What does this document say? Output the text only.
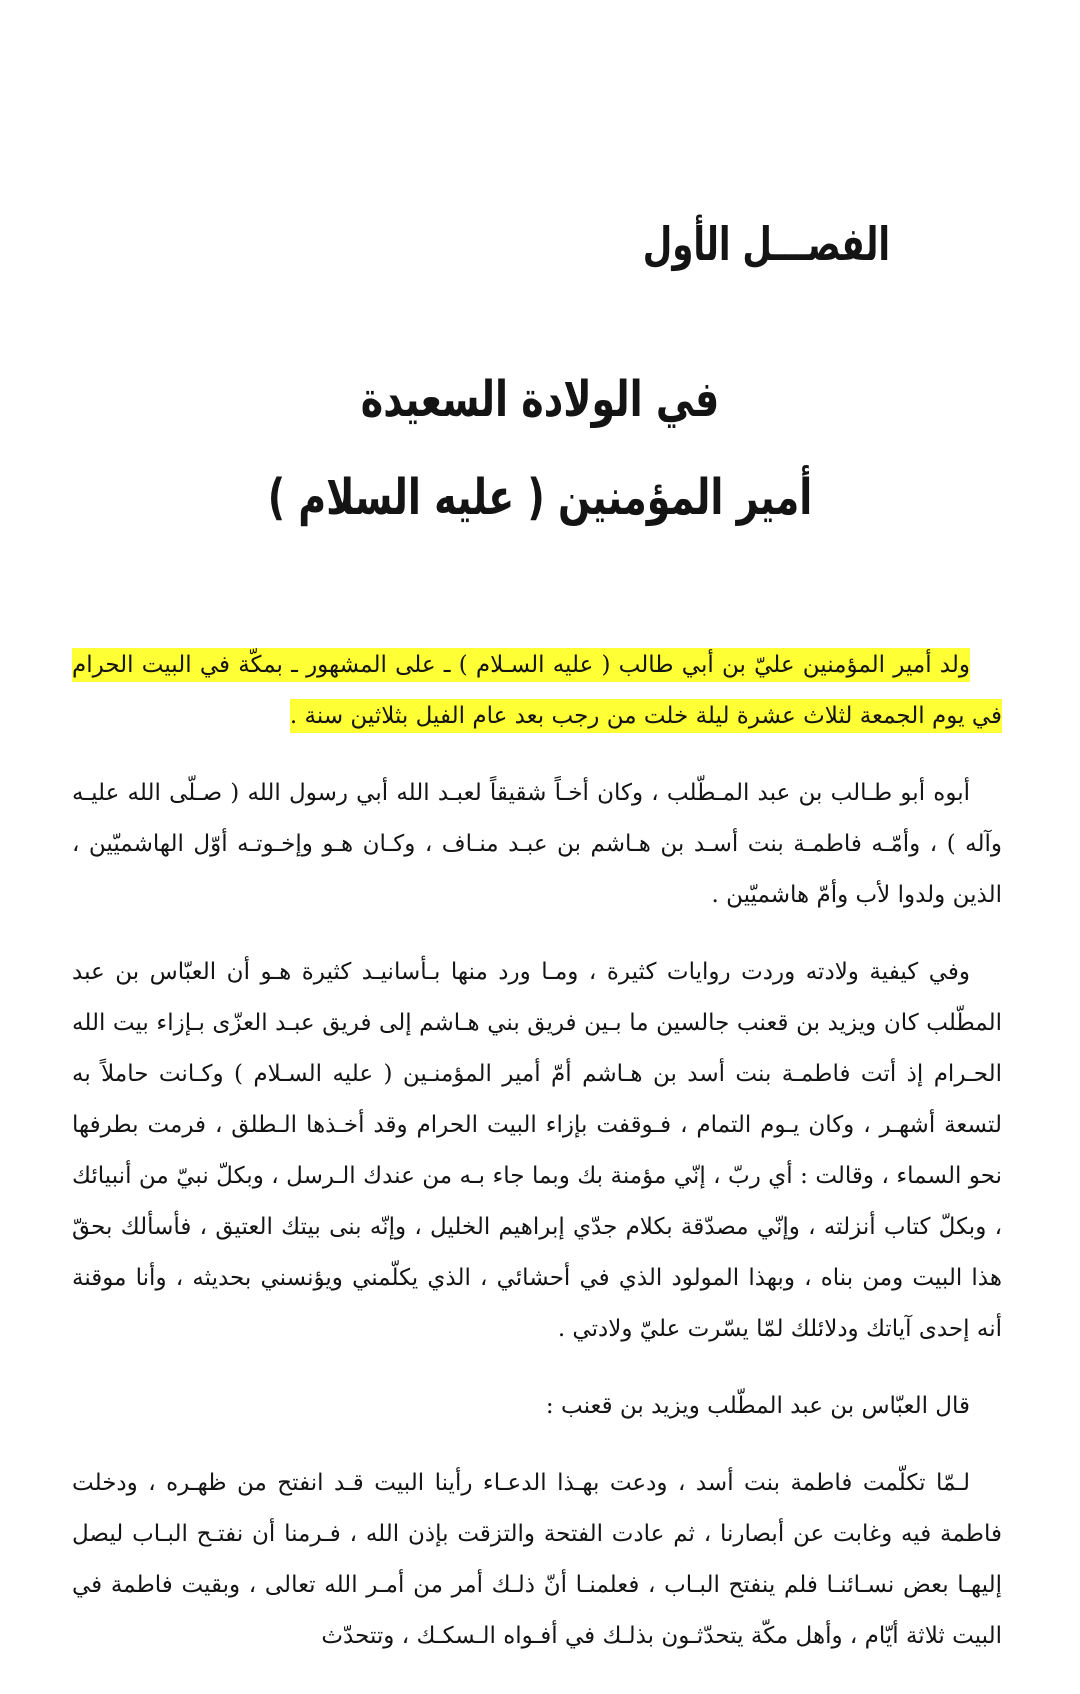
الفصـــل الأول
في الولادة السعيدة
أمير المؤمنين ( عليه السلام )

ولد أمير المؤمنين عليّ بن أبي طالب ( عليه السـلام ) ـ على المشهور ـ بمكّة في البيت الحرام في يوم الجمعة لثلاث عشرة ليلة خلت من رجب بعد عام الفيل بثلاثين سنة .

أبوه أبو طـالب بن عبد المـطّلب ، وكان أخـاً شقيقاً لعبـد الله أبي رسول الله ( صـلّى الله عليـه وآله ) ، وأمّـه فاطمـة بنت أسـد بن هـاشم بن عبـد منـاف ، وكـان هـو وإخـوتـه أوّل الهاشميّين ، الذين ولدوا لأب وأمّ هاشميّين .

وفي كيفية ولادته وردت روايات كثيرة ، ومـا ورد منها بـأسانيـد كثيرة هـو أن العبّاس بن عبد المطّلب كان ويزيد بن قعنب جالسين ما بـين فريق بني هـاشم إلى فريق عبـد العزّى بـإزاء بيت الله الحـرام إذ أتت فاطمـة بنت أسد بن هـاشم أمّ أمير المؤمنـين ( عليه السـلام ) وكـانت حاملاً به لتسعة أشهـر ، وكان يـوم التمام ، فـوقفت بإزاء البيت الحرام وقد أخـذها الـطلق ، فرمت بطرفها نحو السماء ، وقالت : أي ربّ ، إنّي مؤمنة بك وبما جاء بـه من عندك الـرسل ، وبكلّ نبيّ من أنبيائك ، وبكلّ كتاب أنزلته ، وإنّي مصدّقة بكلام جدّي إبراهيم الخليل ، وإنّه بنى بيتك العتيق ، فأسألك بحقّ هذا البيت ومن بناه ، وبهذا المولود الذي في أحشائي ، الذي يكلّمني ويؤنسني بحديثه ، وأنا موقنة أنه إحدى آياتك ودلائلك لمّا يسّرت عليّ ولادتي .

قال العبّاس بن عبد المطّلب ويزيد بن قعنب :

لـمّا تكلّمت فاطمة بنت أسد ، ودعت بهـذا الدعـاء رأينا البيت قـد انفتح من ظهـره ، ودخلت فاطمة فيه وغابت عن أبصارنا ، ثم عادت الفتحة والتزقت بإذن الله ، فـرمنا أن نفتـح البـاب ليصل إليهـا بعض نسـائنـا فلم ينفتح البـاب ، فعلمنـا أنّ ذلـك أمر من أمـر الله تعالى ، وبقيت فاطمة في البيت ثلاثة أيّام ، وأهل مكّة يتحدّثـون بذلـك في أفـواه الـسكـك ، وتتحدّث
